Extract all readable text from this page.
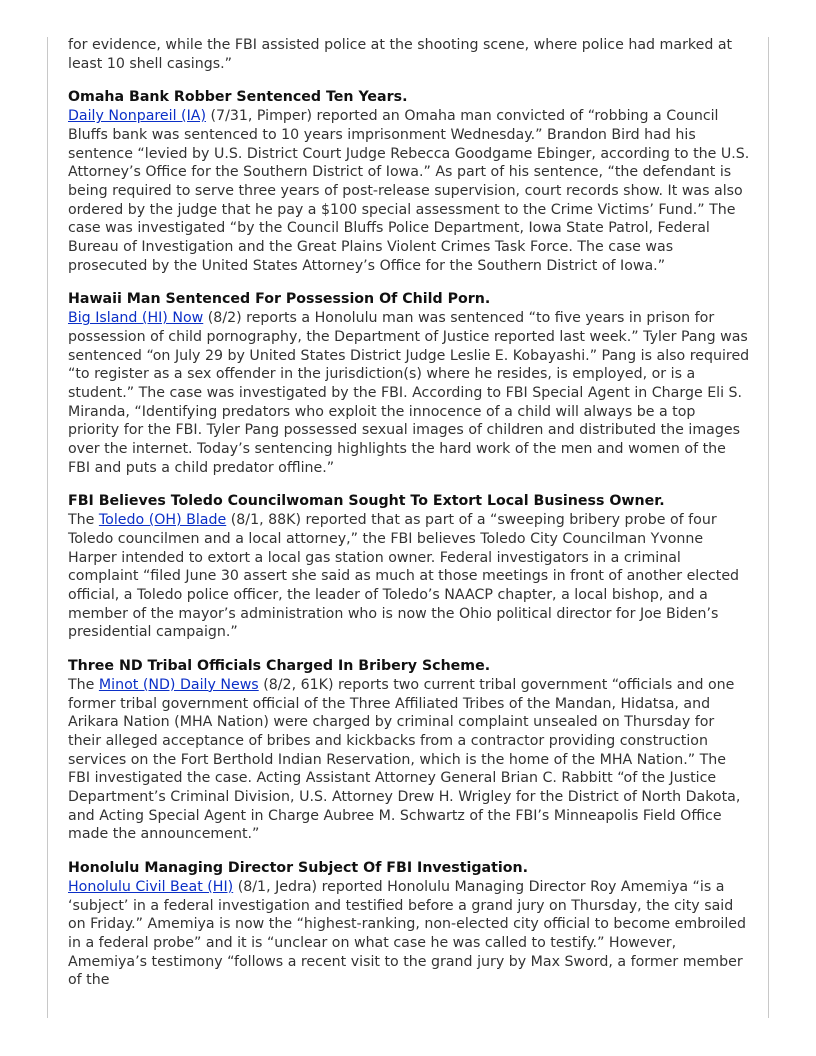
for evidence, while the FBI assisted police at the shooting scene, where police had marked at least 10 shell casings.”

Omaha Bank Robber Sentenced Ten Years.

Daily Nonpareil (IA) (7/31, Pimper) reported an Omaha man convicted of “robbing a Council Bluffs bank was sentenced to 10 years imprisonment Wednesday.” Brandon Bird had his sentence “levied by U.S. District Court Judge Rebecca Goodgame Ebinger, according to the U.S. Attorney’s Office for the Southern District of Iowa.” As part of his sentence, “the defendant is being required to serve three years of post-release supervision, court records show. It was also ordered by the judge that he pay a $100 special assessment to the Crime Victims’ Fund.” The case was investigated “by the Council Bluffs Police Department, Iowa State Patrol, Federal Bureau of Investigation and the Great Plains Violent Crimes Task Force. The case was prosecuted by the United States Attorney’s Office for the Southern District of Iowa.”

Hawaii Man Sentenced For Possession Of Child Porn.

Big Island (HI) Now (8/2) reports a Honolulu man was sentenced “to five years in prison for possession of child pornography, the Department of Justice reported last week.” Tyler Pang was sentenced “on July 29 by United States District Judge Leslie E. Kobayashi.” Pang is also required “to register as a sex offender in the jurisdiction(s) where he resides, is employed, or is a student.” The case was investigated by the FBI. According to FBI Special Agent in Charge Eli S. Miranda, “Identifying predators who exploit the innocence of a child will always be a top priority for the FBI. Tyler Pang possessed sexual images of children and distributed the images over the internet. Today’s sentencing highlights the hard work of the men and women of the FBI and puts a child predator offline.”

FBI Believes Toledo Councilwoman Sought To Extort Local Business Owner.

The Toledo (OH) Blade (8/1, 88K) reported that as part of a “sweeping bribery probe of four Toledo councilmen and a local attorney,” the FBI believes Toledo City Councilman Yvonne Harper intended to extort a local gas station owner. Federal investigators in a criminal complaint “filed June 30 assert she said as much at those meetings in front of another elected official, a Toledo police officer, the leader of Toledo’s NAACP chapter, a local bishop, and a member of the mayor’s administration who is now the Ohio political director for Joe Biden’s presidential campaign.”

Three ND Tribal Officials Charged In Bribery Scheme.

The Minot (ND) Daily News (8/2, 61K) reports two current tribal government “officials and one former tribal government official of the Three Affiliated Tribes of the Mandan, Hidatsa, and Arikara Nation (MHA Nation) were charged by criminal complaint unsealed on Thursday for their alleged acceptance of bribes and kickbacks from a contractor providing construction services on the Fort Berthold Indian Reservation, which is the home of the MHA Nation.” The FBI investigated the case. Acting Assistant Attorney General Brian C. Rabbitt “of the Justice Department’s Criminal Division, U.S. Attorney Drew H. Wrigley for the District of North Dakota, and Acting Special Agent in Charge Aubree M. Schwartz of the FBI’s Minneapolis Field Office made the announcement.”

Honolulu Managing Director Subject Of FBI Investigation.

Honolulu Civil Beat (HI) (8/1, Jedra) reported Honolulu Managing Director Roy Amemiya “is a ‘subject’ in a federal investigation and testified before a grand jury on Thursday, the city said on Friday.” Amemiya is now the “highest-ranking, non-elected city official to become embroiled in a federal probe” and it is “unclear on what case he was called to testify.” However, Amemiya’s testimony “follows a recent visit to the grand jury by Max Sword, a former member of the
